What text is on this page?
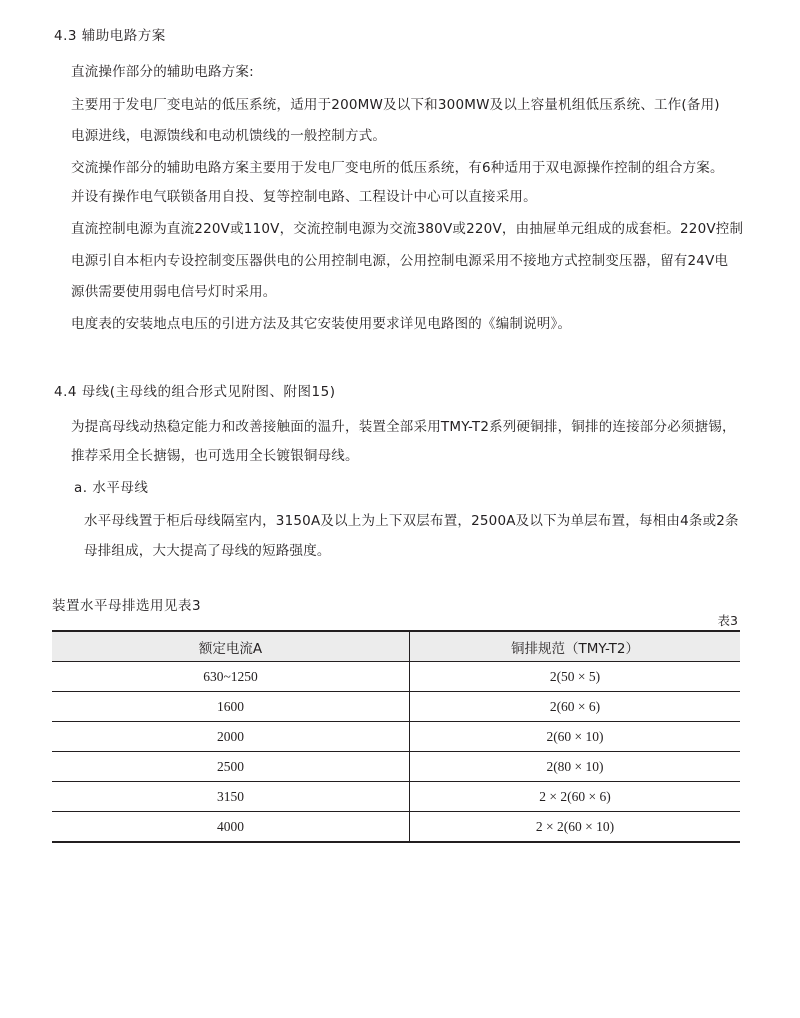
4.3 辅助电路方案
直流操作部分的辅助电路方案:
主要用于发电厂变电站的低压系统，适用于200MW及以下和300MW及以上容量机组低压系统、工作(备用)
电源进线，电源馈线和电动机馈线的一般控制方式。
交流操作部分的辅助电路方案主要用于发电厂变电所的低压系统，有6种适用于双电源操作控制的组合方案。
并设有操作电气联锁备用自投、复等控制电路、工程设计中心可以直接采用。
直流控制电源为直流220V或110V，交流控制电源为交流380V或220V，由抽屉单元组成的成套柜。220V控制
电源引自本柜内专设控制变压器供电的公用控制电源，公用控制电源采用不接地方式控制变压器，留有24V电
源供需要使用弱电信号灯时采用。
电度表的安装地点电压的引进方法及其它安装使用要求详见电路图的《编制说明》。
4.4 母线(主母线的组合形式见附图、附图15)
为提高母线动热稳定能力和改善接触面的温升，装置全部采用TMY-T2系列硬铜排，铜排的连接部分必须搪锡，
推荐采用全长搪锡，也可选用全长镀银铜母线。
a. 水平母线
水平母线置于柜后母线隔室内，3150A及以上为上下双层布置，2500A及以下为单层布置，每相由4条或2条
母排组成，大大提高了母线的短路强度。
装置水平母排选用见表3
表3
额定电流A	铜排规范（TMY-T2）
630~1250	2(50 × 5)
1600	2(60 × 6)
2000	2(60 × 10)
2500	2(80 × 10)
3150	2 × 2(60 × 6)
4000	2 × 2(60 × 10)
